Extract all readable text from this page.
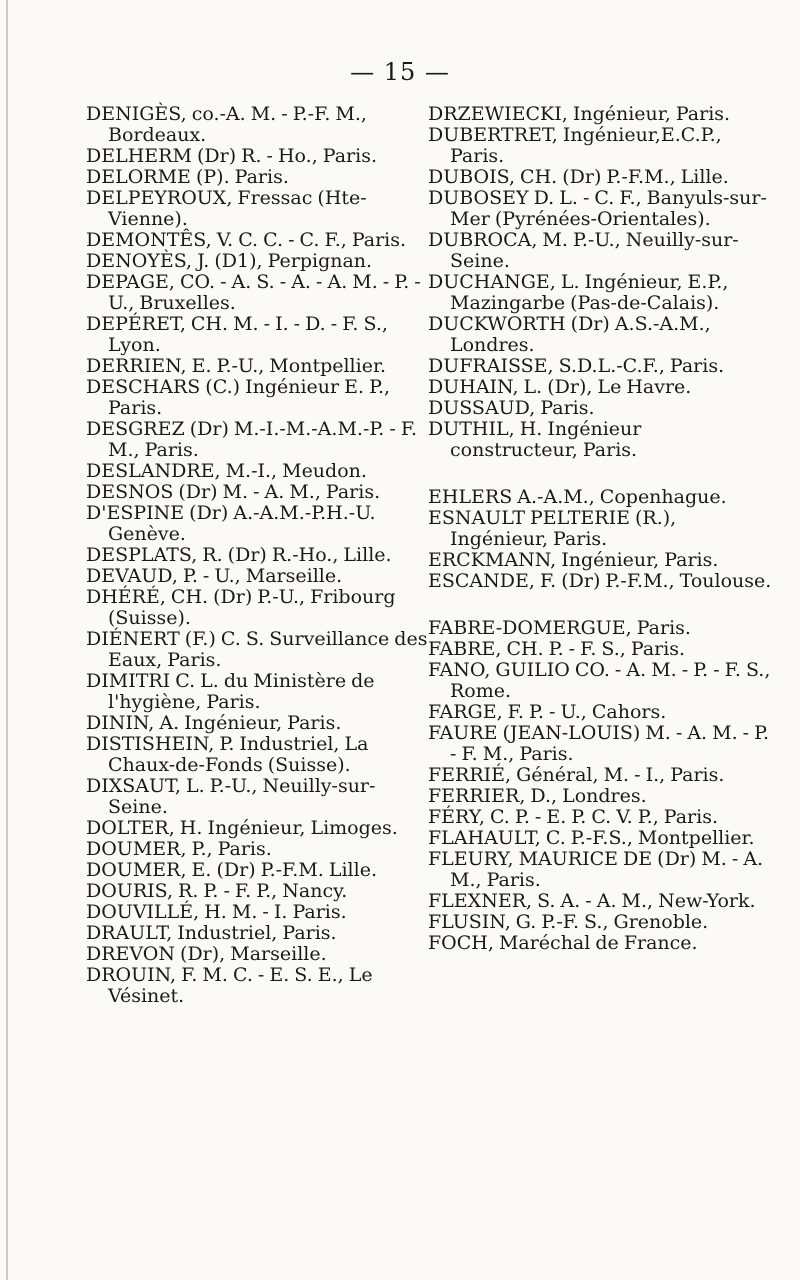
— 15 —
DENIGÈS, co.-A. M. - P.-F. M., Bordeaux.
DELHERM (Dr) R. - Ho., Paris.
DELORME (P). Paris.
DELPEYROUX, Fressac (Hte-Vienne).
DEMONTÊS, V. C. C. - C. F., Paris.
DENOYÈS, J. (D1), Perpignan.
DEPAGE, CO. - A. S. - A. - A. M. - P. - U., Bruxelles.
DEPÉRET, CH. M. - I. - D. - F. S., Lyon.
DERRIEN, E. P.-U., Montpellier.
DESCHARS (C.) Ingénieur E. P., Paris.
DESGREZ (Dr) M.-I.-M.-A.M.-P. - F. M., Paris.
DESLANDRE, M.-I., Meudon.
DESNOS (Dr) M. - A. M., Paris.
D'ESPINE (Dr) A.-A.M.-P.H.-U. Genève.
DESPLATS, R. (Dr) R.-Ho., Lille.
DEVAUD, P. - U., Marseille.
DHÉRÉ, CH. (Dr) P.-U., Fribourg (Suisse).
DIÉNERT (F.) C. S. Surveillance des Eaux, Paris.
DIMITRI C. L. du Ministère de l'hygiène, Paris.
DININ, A. Ingénieur, Paris.
DISTISHEIN, P. Industriel, La Chaux-de-Fonds (Suisse).
DIXSAUT, L. P.-U., Neuilly-sur-Seine.
DOLTER, H. Ingénieur, Limoges.
DOUMER, P., Paris.
DOUMER, E. (Dr) P.-F.M. Lille.
DOURIS, R. P. - F. P., Nancy.
DOUVILLÉ, H. M. - I. Paris.
DRAULT, Industriel, Paris.
DREVON (Dr), Marseille.
DROUIN, F. M. C. - E. S. E., Le Vésinet.
DRZEWIECKI, Ingénieur, Paris.
DUBERTRET, Ingénieur,E.C.P., Paris.
DUBOIS, CH. (Dr) P.-F.M., Lille.
DUBOSEY D. L. - C. F., Banyuls-sur-Mer (Pyrénées-Orientales).
DUBROCA, M. P.-U., Neuilly-sur-Seine.
DUCHANGE, L. Ingénieur, E.P., Mazingarbe (Pas-de-Calais).
DUCKWORTH (Dr) A.S.-A.M., Londres.
DUFRAISSE, S.D.L.-C.F., Paris.
DUHAIN, L. (Dr), Le Havre.
DUSSAUD, Paris.
DUTHIL, H. Ingénieur constructeur, Paris.
EHLERS A.-A.M., Copenhague.
ESNAULT PELTERIE (R.), Ingénieur, Paris.
ERCKMANN, Ingénieur, Paris.
ESCANDE, F. (Dr) P.-F.M., Toulouse.
FABRE-DOMERGUE, Paris.
FABRE, CH. P. - F. S., Paris.
FANO, GUILIO CO. - A. M. - P. - F. S., Rome.
FARGE, F. P. - U., Cahors.
FAURE (JEAN-LOUIS) M. - A. M. - P. - F. M., Paris.
FERRIÉ, Général, M. - I., Paris.
FERRIER, D., Londres.
FÉRY, C. P. - E. P. C. V. P., Paris.
FLAHAULT, C. P.-F.S., Montpellier.
FLEURY, MAURICE DE (Dr) M. - A. M., Paris.
FLEXNER, S. A. - A. M., New-York.
FLUSIN, G. P.-F. S., Grenoble.
FOCH, Maréchal de France.
